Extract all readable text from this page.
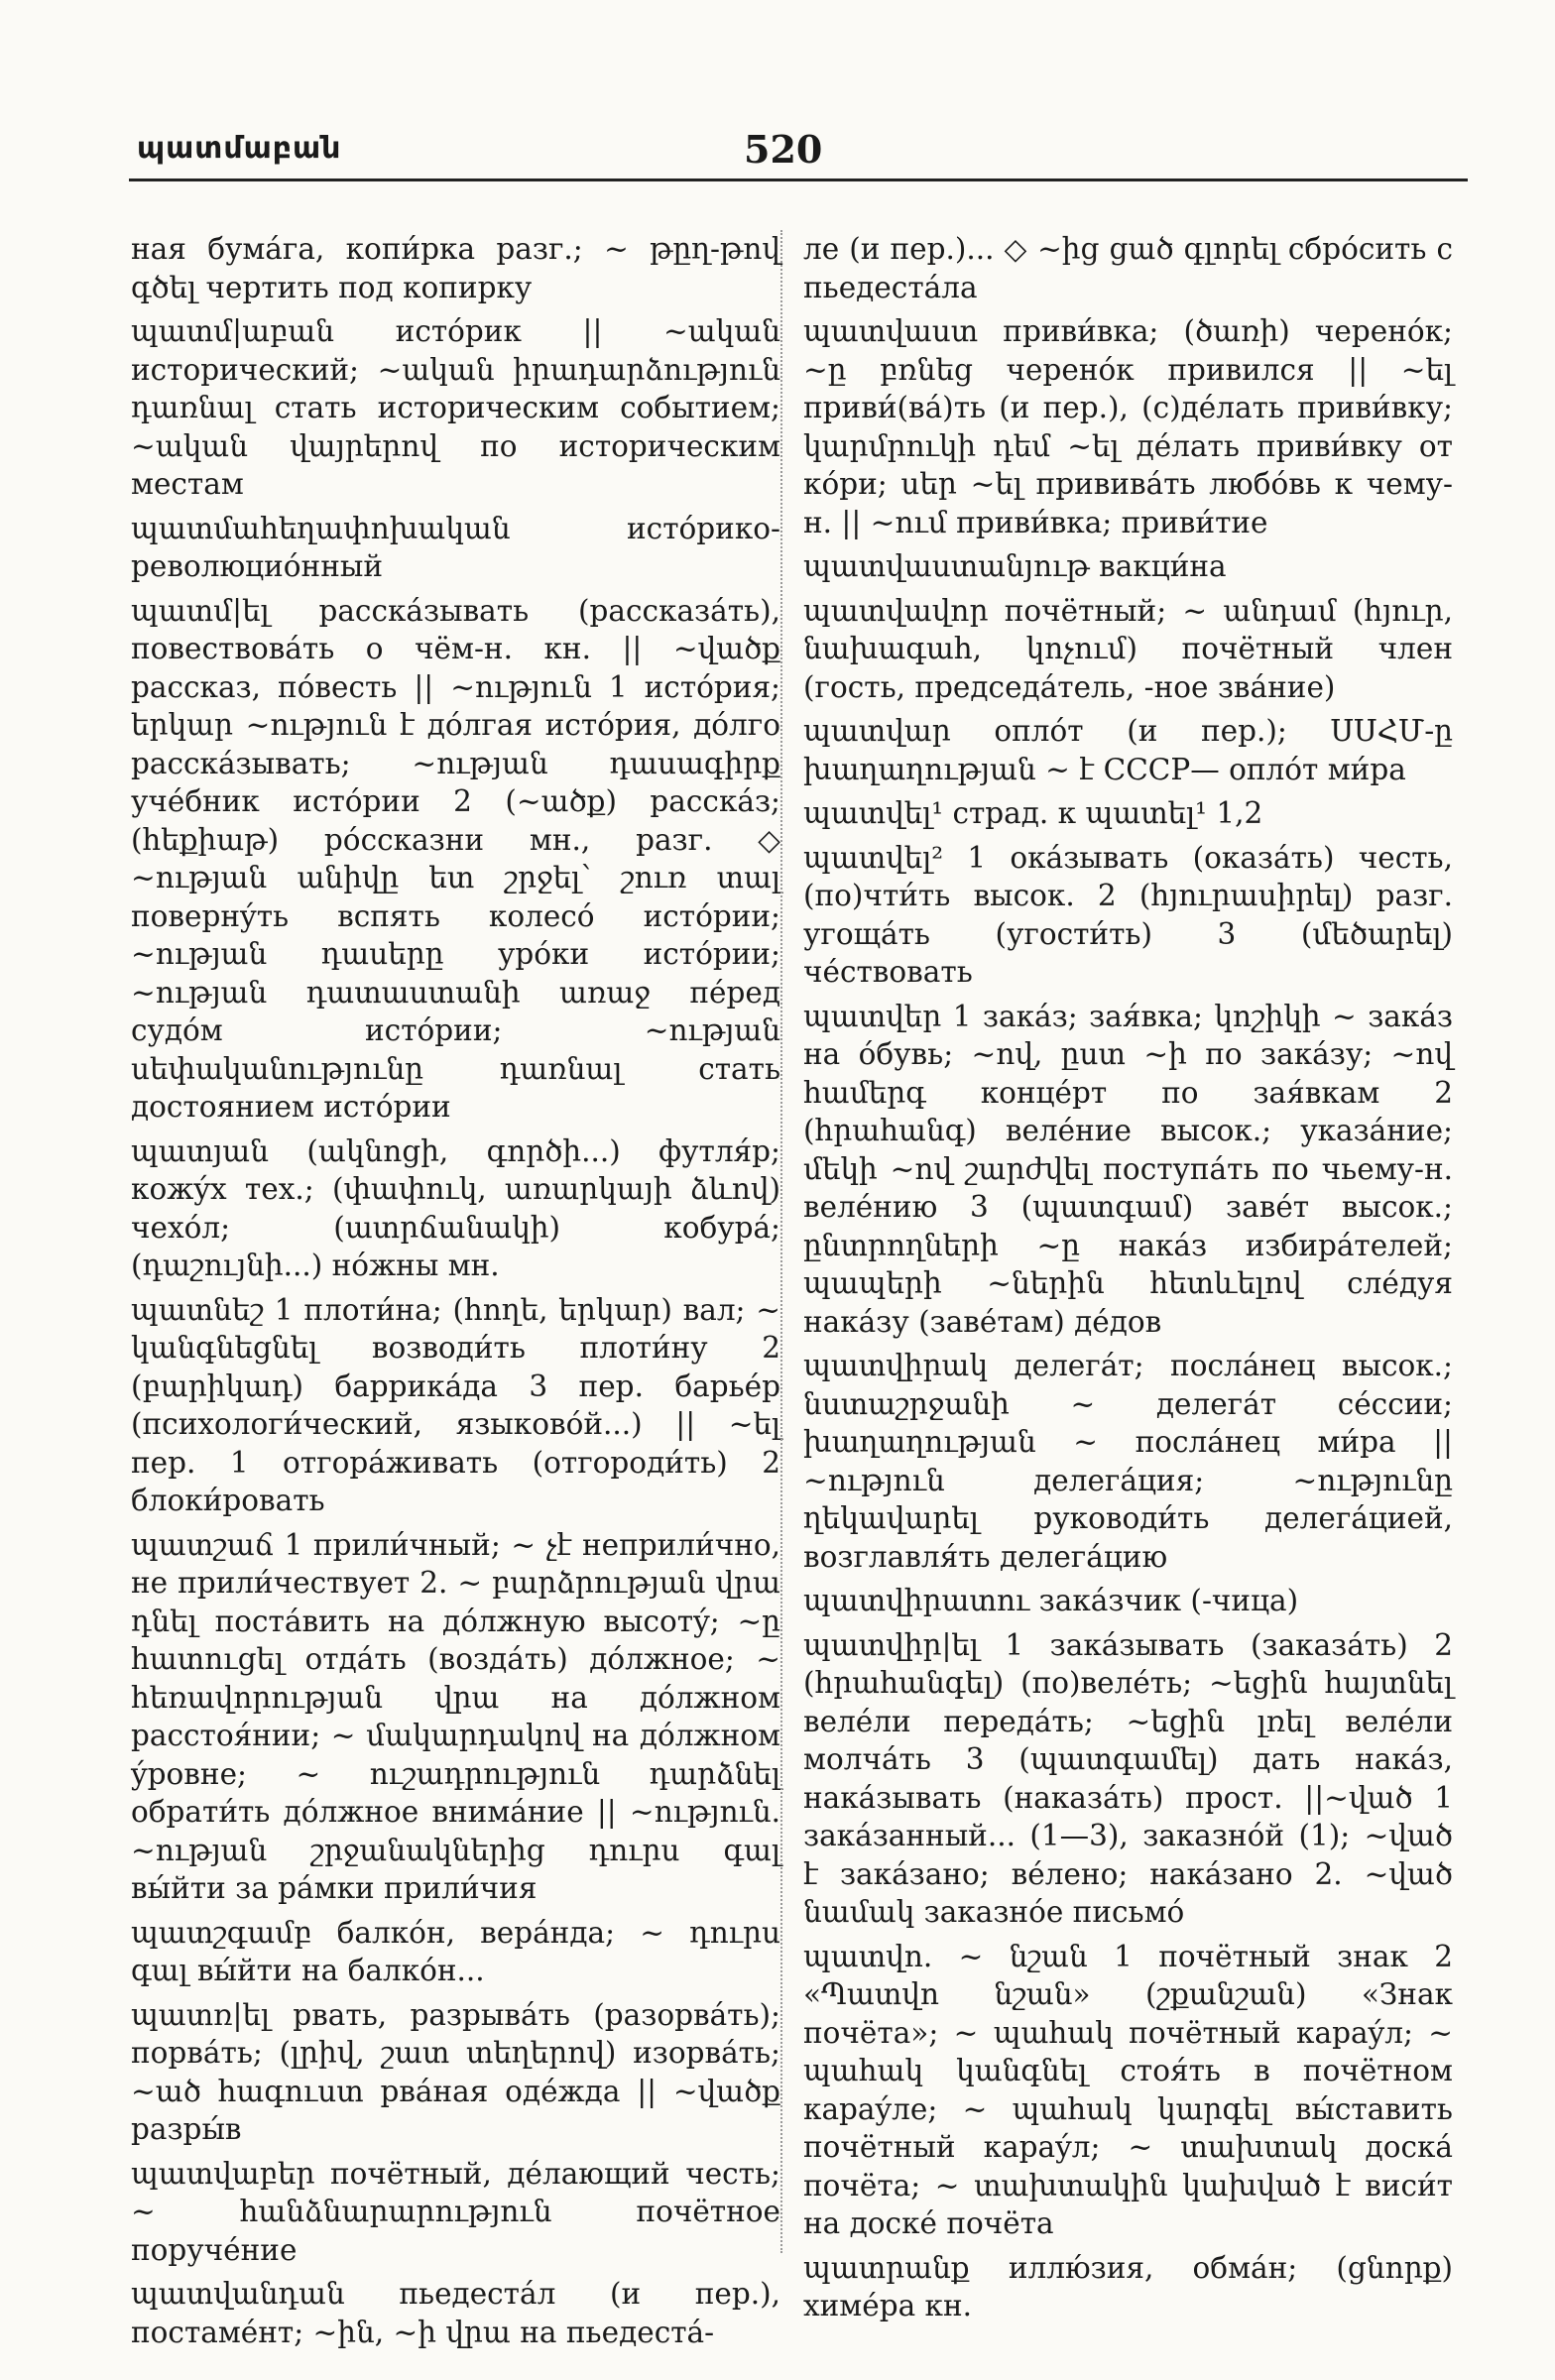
պատմաբան	520

ная бумáга, копи́рка разг.; ~ թըղ-թով գծել чертить под копирку

պատմ|աբան истóрик || ~ական исторический; ~ական իրադարձություն դառնալ стать историческим событием; ~ական վայրերով по историческим местам

պատմահեղափոխական истóрико-революциóнный

պատմ|ել расскáзывать (рассказáть), повествовáть о чём-н. кн. || ~վածք рассказ, пóвесть || ~ություն 1 истóрия; երկար ~ություն է дóлгая истóрия, дóлго расскáзывать; ~ության դասագիրք учéбник истóрии 2 (~ածք) расскáз; (հեքիաթ) рóссказни мн., разг. ◇ ~ության անիվը ետ շրջել՝ շուռ տալ повернýть вспять колесó истóрии; ~ության դասերը урóки истóрии; ~ության դատաստանի առաջ пéред судóм истóрии; ~ության սեփականությունը դառնալ стать достоянием истóрии

պատյան (ակնոցի, գործի...) футля́р; кожýх тех.; (փափուկ, առարկայի ձևով) чехóл; (ատրճանակի) кобурá; (դաշույնի...) нóжны мн.

պատնեշ 1 плоти́на; (հողե, երկար) вал; ~ կանգնեցնել возводи́ть плоти́ну 2 (բարիկադ) баррикáда 3 пер. барьéр (психологи́ческий, языкoвóй...) || ~ել пер. 1 отгорáживать (отгороди́ть) 2 блоки́ровать

պատշաճ 1 прили́чный; ~ չէ неприли́чно, не прили́чествует 2. ~ բարձրության վրա դնել постáвить на дóлжную высотý; ~ը հատուցել отдáть (воздáть) дóлжное; ~ հեռավորության վրա на дóлжном расстоя́нии; ~ մակարդակով на дóлжном ýровне; ~ ուշադրություն դարձնել обрати́ть дóлжное внимáние || ~ություն. ~ության շրջանակներից դուրս գալ вы́йти за рáмки прили́чия

պատշգամբ балкóн, верáнда; ~ դուրս գալ вы́йти на балкóн...

պատռ|ել рвать, разрывáть (разорвáть); порвáть; (լրիվ, շատ տեղերով) изорвáть; ~ած հագուստ рвáная одéжда || ~վածք разры́в

պատվաբեր почётный, дéлающий честь; ~ հանձնարարություն почётное поручéние

պատվանդան пьедестáл (и пер.), постамéнт; ~ին, ~ի վրա на пьедестá-

ле (и пер.)... ◇ ~ից ցած գլորել сбрóсить с пьедестáла

պատվաստ приви́вка; (ծառի) черенóк; ~ը բռնեց черенóк привился || ~ել приви́(вá)ть (и пер.), (с)дéлать приви́вку; կարմրուկի դեմ ~ել дéлать приви́вку от кóри; սեր ~ել прививáть любóвь к чему-н. || ~ում приви́вка; приви́тие

պատվաստանյութ вакци́на

պատվավոր почётный; ~ անդամ (հյուր, նախագահ, կոչում) почётный член (гость, председáтель, -ное звáние)

պատվար оплóт (и пер.); ՍՍՀՄ-ը խաղաղության ~ է СССР— оплóт ми́ра

պատվել¹ страд. к պատել¹ 1,2

պատվել² 1 окáзывать (оказáть) честь, (по)чти́ть высок. 2 (հյուրասիրել) разг. угощáть (угости́ть) 3 (մեծարել) чéствовать

պատվեր 1 закáз; зая́вка; կոշիկի ~ закáз на óбувь; ~ով, ըստ ~ի по закáзу; ~ով համերգ концéрт по зая́вкам 2 (հրահանգ) велéние высок.; указáние; մեկի ~ով շարժվել поступáть по чьему-н. велéнию 3 (պատգամ) завéт высок.; ընտրողների ~ը накáз избирáтелей; պապերի ~ներին հետևելով слéдуя накáзу (завéтам) дéдов

պատվիրակ делегáт; послáнец высок.; նստաշրջանի ~ делегáт сéссии; խաղաղության ~ послáнец ми́ра || ~ություն делегáция; ~ությունը ղեկավարել руководи́ть делегáцией, возглавля́ть делегáцию

պատվիրատու закáзчик (-чица)

պատվիր|ել 1 закáзывать (заказáть) 2 (հրահանգել) (по)велéть; ~եցին հայտնել велéли передáть; ~եցին լռել велéли молчáть 3 (պատգամել) дать накáз, накáзывать (наказáть) прост. ||~ված 1 закáзанный... (1—3), заказнóй (1); ~ված է закáзано; вéлено; накáзано 2. ~ված նամակ заказнóе письмó

պատվո. ~ նշան 1 почётный знак 2 «Պատվո նշան» (շքանշան) «Знак почёта»; ~ պահակ почётный караýл; ~ պահակ կանգնել стоя́ть в почётном караýле; ~ պահակ կարգել вы́ставить почётный караýл; ~ տախտակ доскá почёта; ~ տախտակին կախված է виси́т на доскé почёта

պատրանք иллю́зия, обмáн; (ցնորք) химéра кн.
